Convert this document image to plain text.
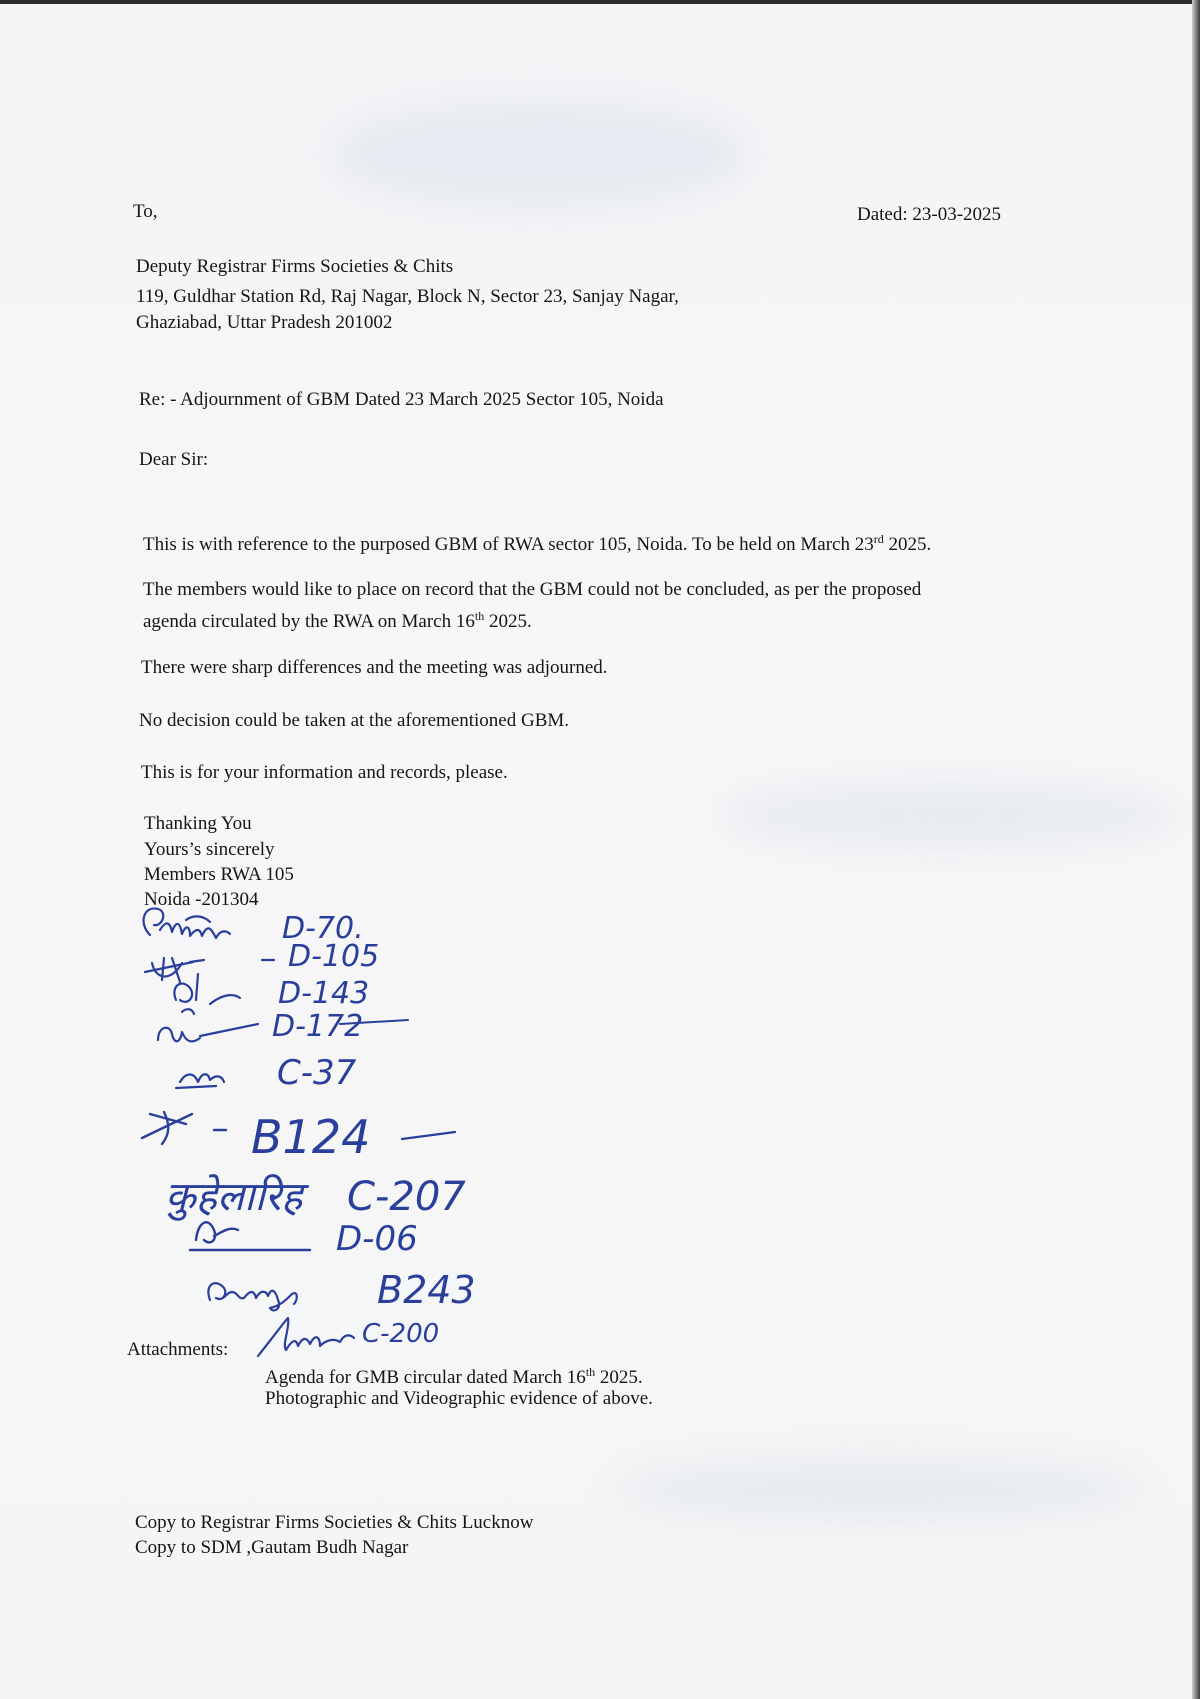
To,	Dated: 23-03-2025
Deputy Registrar Firms Societies & Chits
119, Guldhar Station Rd, Raj Nagar, Block N, Sector 23, Sanjay Nagar,
Ghaziabad, Uttar Pradesh 201002
Re: - Adjournment of GBM Dated 23 March 2025 Sector 105, Noida
Dear Sir:
This is with reference to the purposed GBM of RWA sector 105, Noida. To be held on March 23rd 2025.
The members would like to place on record that the GBM could not be concluded, as per the proposed
agenda circulated by the RWA on March 16th 2025.
There were sharp differences and the meeting was adjourned.
No decision could be taken at the aforementioned GBM.
This is for your information and records, please.
Thanking You
Yours’s sincerely
Members RWA 105
Noida -201304
Attachments:
Agenda for GMB circular dated March 16th 2025.
Photographic and Videographic evidence of above.
Copy to Registrar Firms Societies & Chits Lucknow
Copy to SDM ,Gautam Budh Nagar
D-70.
D-105
D-143
D-172
C-37
B124
कुहेलारिह C-207
D-06
B243
C-200
